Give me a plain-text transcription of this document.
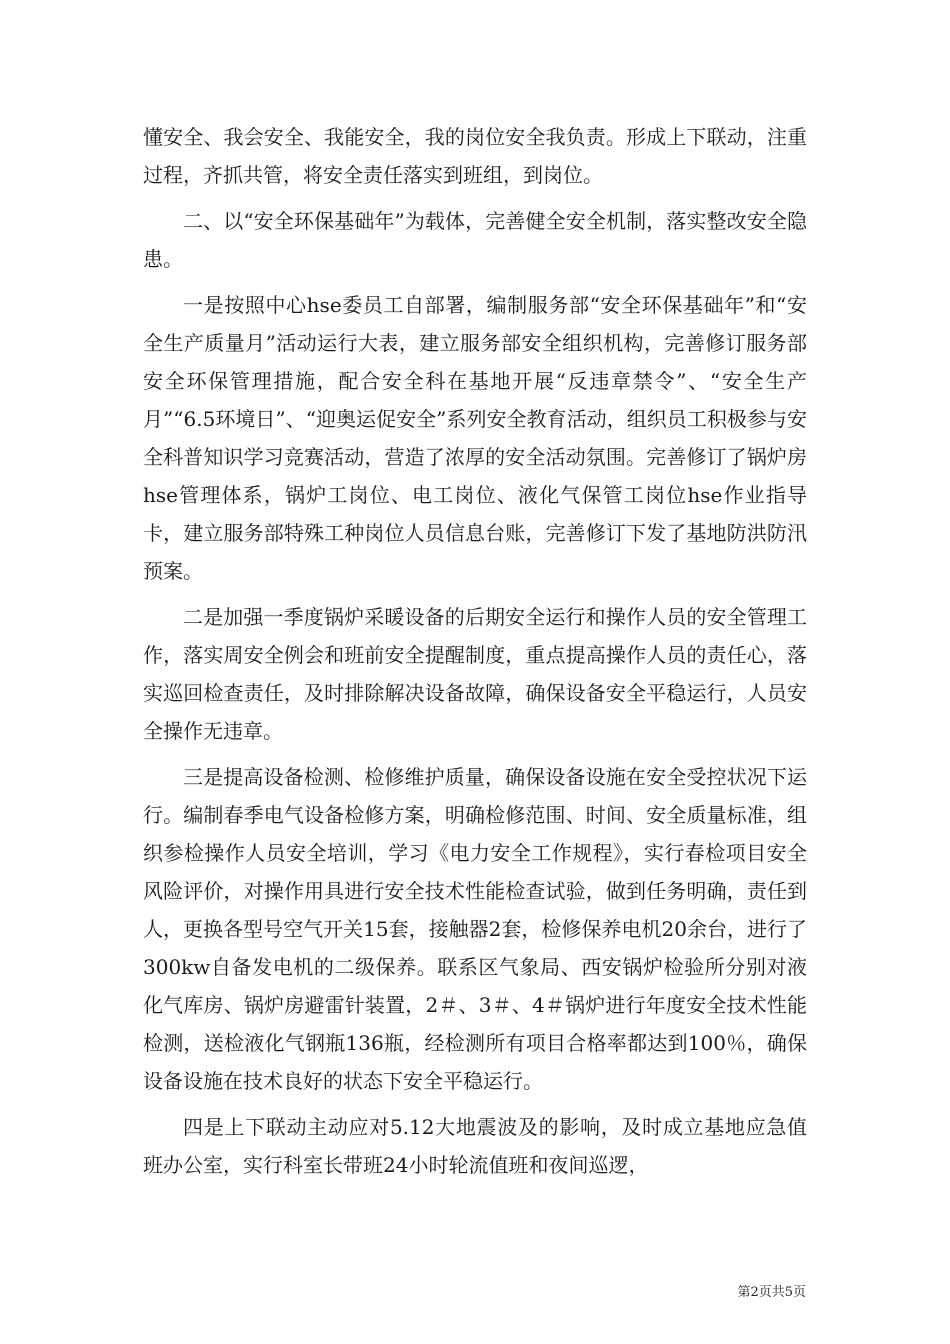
懂安全、我会安全、我能安全，我的岗位安全我负责。形成上下联动，注重过程，齐抓共管，将安全责任落实到班组，到岗位。

二、以“安全环保基础年”为载体，完善健全安全机制，落实整改安全隐患。

一是按照中心hse委员工自部署，编制服务部“安全环保基础年”和“安全生产质量月”活动运行大表，建立服务部安全组织机构，完善修订服务部安全环保管理措施，配合安全科在基地开展“反违章禁令”、“安全生产月”“6.5环境日”、“迎奥运促安全”系列安全教育活动，组织员工积极参与安全科普知识学习竞赛活动，营造了浓厚的安全活动氛围。完善修订了锅炉房hse管理体系，锅炉工岗位、电工岗位、液化气保管工岗位hse作业指导卡，建立服务部特殊工种岗位人员信息台账，完善修订下发了基地防洪防汛预案。

二是加强一季度锅炉采暖设备的后期安全运行和操作人员的安全管理工作，落实周安全例会和班前安全提醒制度，重点提高操作人员的责任心，落实巡回检查责任，及时排除解决设备故障，确保设备安全平稳运行，人员安全操作无违章。

三是提高设备检测、检修维护质量，确保设备设施在安全受控状况下运行。编制春季电气设备检修方案，明确检修范围、时间、安全质量标准，组织参检操作人员安全培训，学习《电力安全工作规程》，实行春检项目安全风险评价，对操作用具进行安全技术性能检查试验，做到任务明确，责任到人，更换各型号空气开关15套，接触器2套，检修保养电机20余台，进行了300kw自备发电机的二级保养。联系区气象局、西安锅炉检验所分别对液化气库房、锅炉房避雷针装置，2＃、3＃、4＃锅炉进行年度安全技术性能检测，送检液化气钢瓶136瓶，经检测所有项目合格率都达到100％，确保设备设施在技术良好的状态下安全平稳运行。

四是上下联动主动应对5.12大地震波及的影响，及时成立基地应急值班办公室，实行科室长带班24小时轮流值班和夜间巡逻，

第2页共5页
